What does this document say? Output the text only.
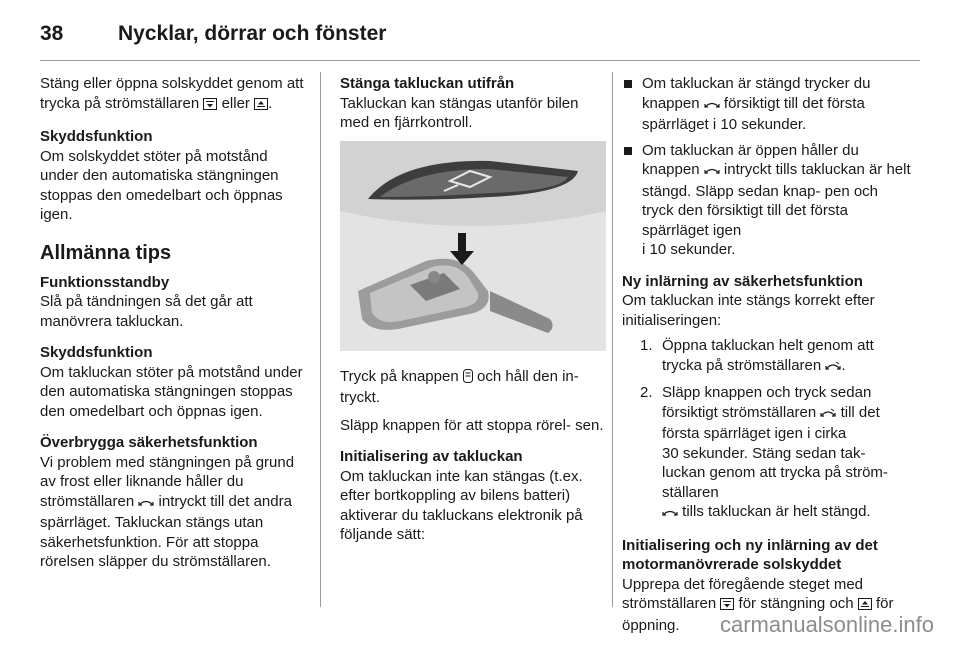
38	Nycklar, dörrar och fönster

Stäng eller öppna solskyddet genom att trycka på strömställaren eller .

Skyddsfunktion

Om solskyddet stöter på motstånd under den automatiska stängningen stoppas den omedelbart och öppnas igen.

Allmänna tips
Funktionsstandby

Slå på tändningen så det går att manövrera takluckan.

Skyddsfunktion

Om takluckan stöter på motstånd under den automatiska stängningen stoppas den omedelbart och öppnas igen.

Överbrygga säkerhetsfunktion

Vi problem med stängningen på grund av frost eller liknande håller du strömställaren intryckt till det andra spärrläget. Takluckan stängs utan säkerhetsfunktion. För att stoppa rörelsen släpper du strömställaren.

Stänga takluckan utifrån

Takluckan kan stängas utanför bilen med en fjärrkontroll.

Tryck på knappen och håll den in- tryckt.

Släpp knappen för att stoppa rörel- sen.

Initialisering av takluckan

Om takluckan inte kan stängas (t.ex. efter bortkoppling av bilens batteri) aktiverar du takluckans elektronik på följande sätt:

Om takluckan är stängd trycker du knappen försiktigt till det första spärrläget i 10 sekunder.
Om takluckan är öppen håller du knappen intryckt tills takluckan är helt stängd. Släpp sedan knap- pen och tryck den försiktigt till det första spärrläget igen
i 10 sekunder.
Ny inlärning av säkerhetsfunktion

Om takluckan inte stängs korrekt efter initialiseringen:

1. Öppna takluckan helt genom att trycka på strömställaren .
2. Släpp knappen och tryck sedan försiktigt strömställaren till det första spärrläget igen i cirka
30 sekunder. Stäng sedan tak- luckan genom att trycka på ström- ställaren
tills takluckan är helt stängd.
Initialisering och ny inlärning av det motormanövrerade solskyddet

Upprepa det föregående steget med strömställaren för stängning och för öppning.	carmanualsonline.info
